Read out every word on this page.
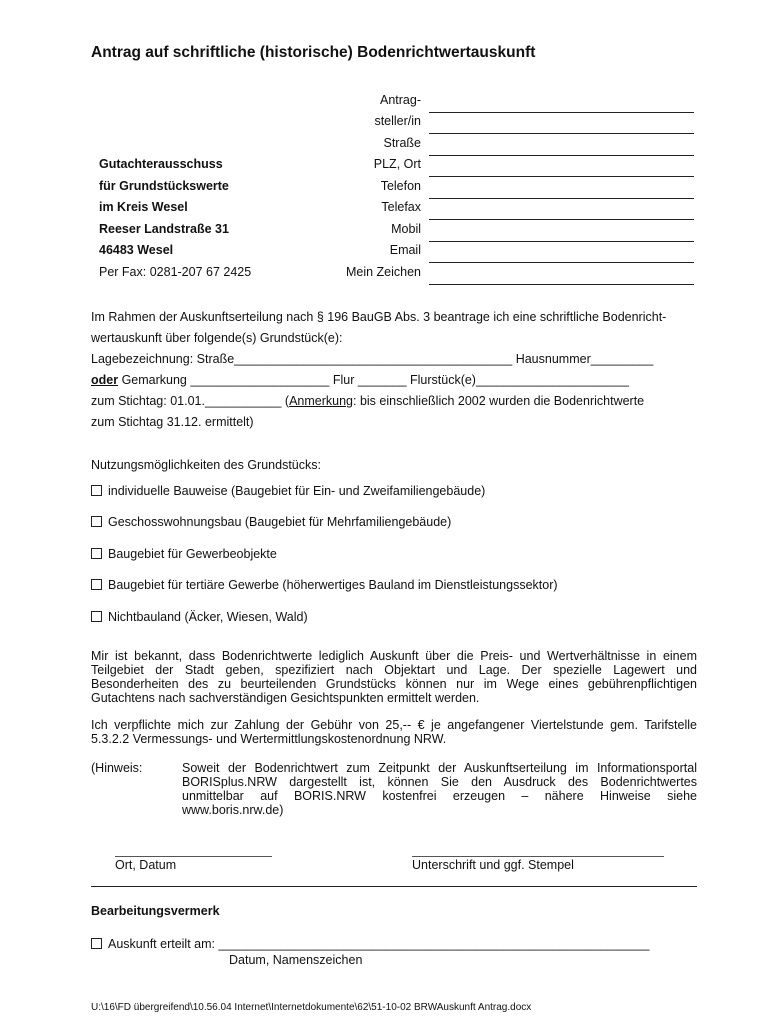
Antrag auf schriftliche (historische) Bodenrichtwertauskunft
Antrag-
steller/in
Straße
PLZ, Ort
Telefon
Telefax
Mobil
Email
Mein Zeichen
Gutachterausschuss
für Grundstückswerte
im Kreis Wesel
Reeser Landstraße 31
46483 Wesel
Per Fax: 0281-207 67 2425
Im Rahmen der Auskunftserteilung nach § 196 BauGB Abs. 3 beantrage ich eine schriftliche Bodenricht-
wertauskunft über folgende(s) Grundstück(e):
Lagebezeichnung: Straße________________________________________ Hausnummer_________
oder Gemarkung ____________________ Flur _______ Flurstück(e)______________________
zum Stichtag: 01.01.___________ (Anmerkung: bis einschließlich 2002 wurden die Bodenrichtwerte
zum Stichtag 31.12. ermittelt)
Nutzungsmöglichkeiten des Grundstücks:
individuelle Bauweise (Baugebiet für Ein- und Zweifamiliengebäude)
Geschosswohnungsbau (Baugebiet für Mehrfamiliengebäude)
Baugebiet für Gewerbeobjekte
Baugebiet für tertiäre Gewerbe (höherwertiges Bauland im Dienstleistungssektor)
Nichtbauland (Äcker, Wiesen, Wald)
Mir ist bekannt, dass Bodenrichtwerte lediglich Auskunft über die Preis- und Wertverhältnisse in einem
Teilgebiet der Stadt geben, spezifiziert nach Objektart und Lage. Der spezielle Lagewert und
Besonderheiten des zu beurteilenden Grundstücks können nur im Wege eines gebührenpflichtigen
Gutachtens nach sachverständigen Gesichtspunkten ermittelt werden.
Ich verpflichte mich zur Zahlung der Gebühr von 25,-- € je angefangener Viertelstunde gem. Tarifstelle
5.3.2.2 Vermessungs- und Wertermittlungskostenordnung NRW.
(Hinweis:	Soweit der Bodenrichtwert zum Zeitpunkt der Auskunftserteilung im Informationsportal
BORISplus.NRW dargestellt ist, können Sie den Ausdruck des Bodenrichtwertes
unmittelbar auf BORIS.NRW kostenfrei erzeugen – nähere Hinweise siehe
www.boris.nrw.de)
Ort, Datum	Unterschrift und ggf. Stempel
Bearbeitungsvermerk
Auskunft erteilt am: ______________________________________________________________
Datum, Namenszeichen
U:\16\FD übergreifend\10.56.04 Internet\Internetdokumente\62\51-10-02 BRWAuskunft Antrag.docx
